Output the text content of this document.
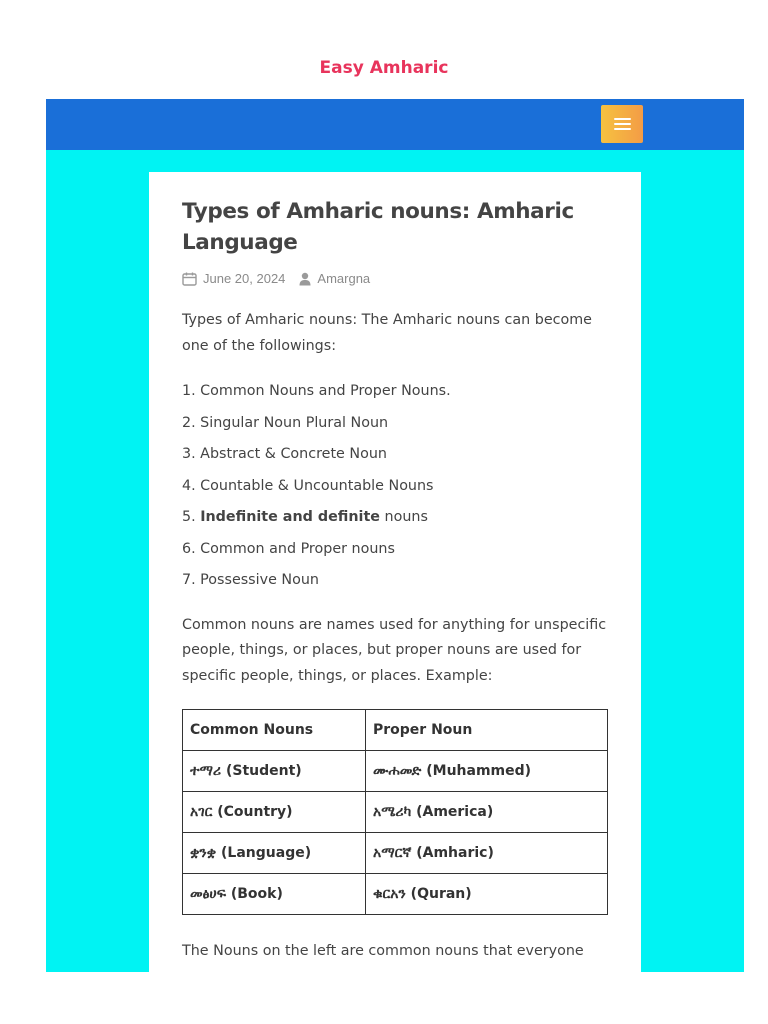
Easy Amharic
Types of Amharic nouns: Amharic
Language
June 20, 2024 Amargna

Types of Amharic nouns: The Amharic nouns can become one of the followings:

1. Common Nouns and Proper Nouns.
2. Singular Noun Plural Noun
3. Abstract & Concrete Noun
4. Countable & Uncountable Nouns
5. Indefinite and definite nouns
6. Common and Proper nouns
7. Possessive Noun

Common nouns are names used for anything for unspecific people, things, or places, but proper nouns are used for specific people, things, or places. Example:

Common Nouns	Proper Noun
ተማሪ (Student)	ሙሐመድ (Muhammed)
አገር (Country)	አሜሪካ (America)
ቋንቋ (Language)	አማርኛ (Amharic)
መፅሀፍ (Book)	ቁርአን (Quran)

The Nouns on the left are common nouns that everyone
